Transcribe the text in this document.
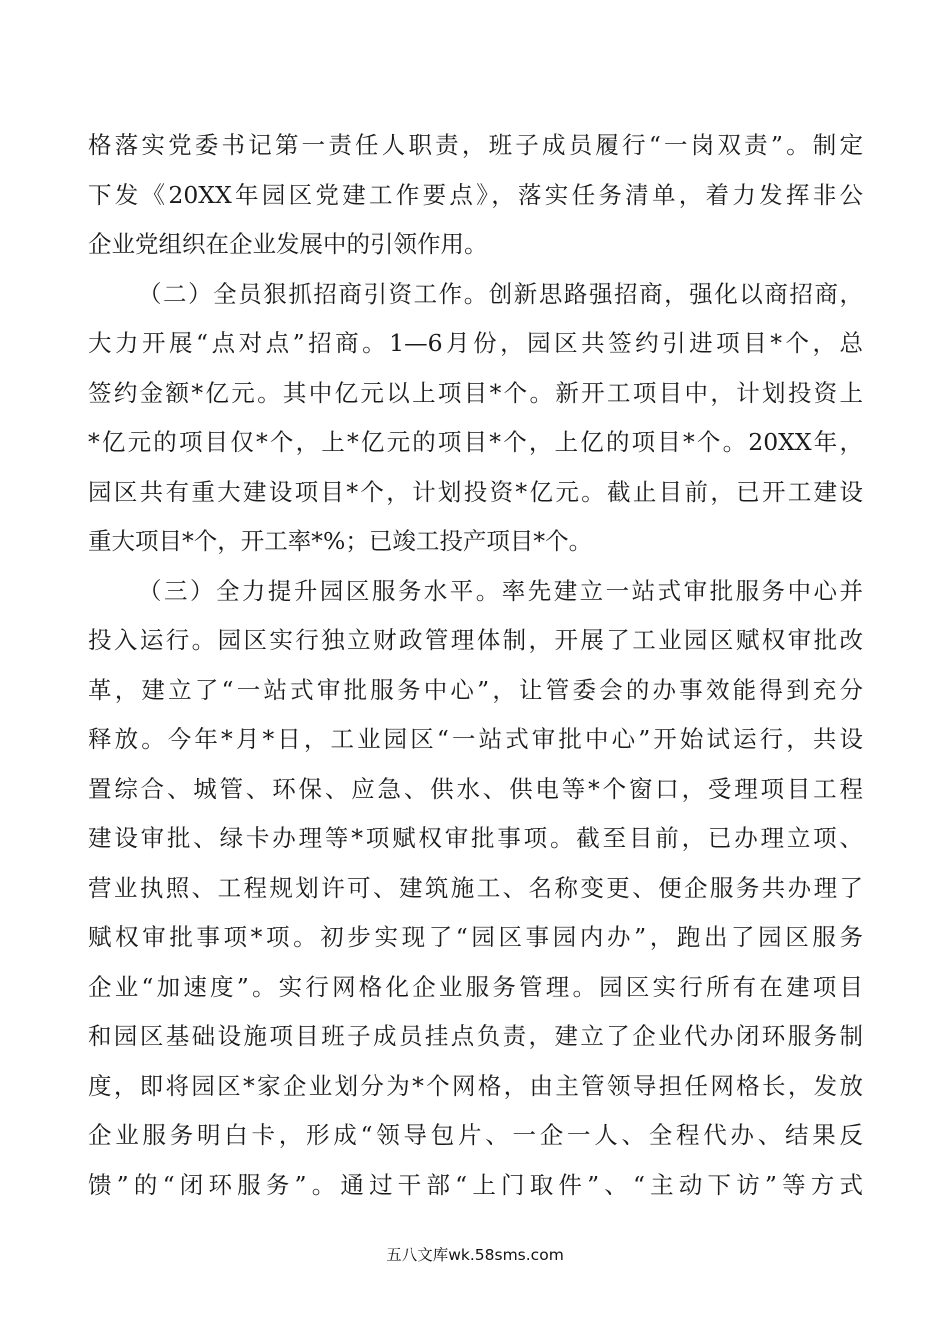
格落实党委书记第一责任人职责，班子成员履行“一岗双责”。制定
下发《20XX年园区党建工作要点》，落实任务清单，着力发挥非公
企业党组织在企业发展中的引领作用。
（二）全员狠抓招商引资工作。创新思路强招商，强化以商招商，
大力开展“点对点”招商。1—6月份，园区共签约引进项目*个，总
签约金额*亿元。其中亿元以上项目*个。新开工项目中，计划投资上
*亿元的项目仅*个，上*亿元的项目*个，上亿的项目*个。20XX年，
园区共有重大建设项目*个，计划投资*亿元。截止目前，已开工建设
重大项目*个，开工率*%；已竣工投产项目*个。
（三）全力提升园区服务水平。率先建立一站式审批服务中心并
投入运行。园区实行独立财政管理体制，开展了工业园区赋权审批改
革，建立了“一站式审批服务中心”，让管委会的办事效能得到充分
释放。今年*月*日，工业园区“一站式审批中心”开始试运行，共设
置综合、城管、环保、应急、供水、供电等*个窗口，受理项目工程
建设审批、绿卡办理等*项赋权审批事项。截至目前，已办理立项、
营业执照、工程规划许可、建筑施工、名称变更、便企服务共办理了
赋权审批事项*项。初步实现了“园区事园内办”，跑出了园区服务
企业“加速度”。实行网格化企业服务管理。园区实行所有在建项目
和园区基础设施项目班子成员挂点负责，建立了企业代办闭环服务制
度，即将园区*家企业划分为*个网格，由主管领导担任网格长，发放
企业服务明白卡，形成“领导包片、一企一人、全程代办、结果反
馈”的“闭环服务”。通过干部“上门取件”、“主动下访”等方式
五八文库wk.58sms.com
